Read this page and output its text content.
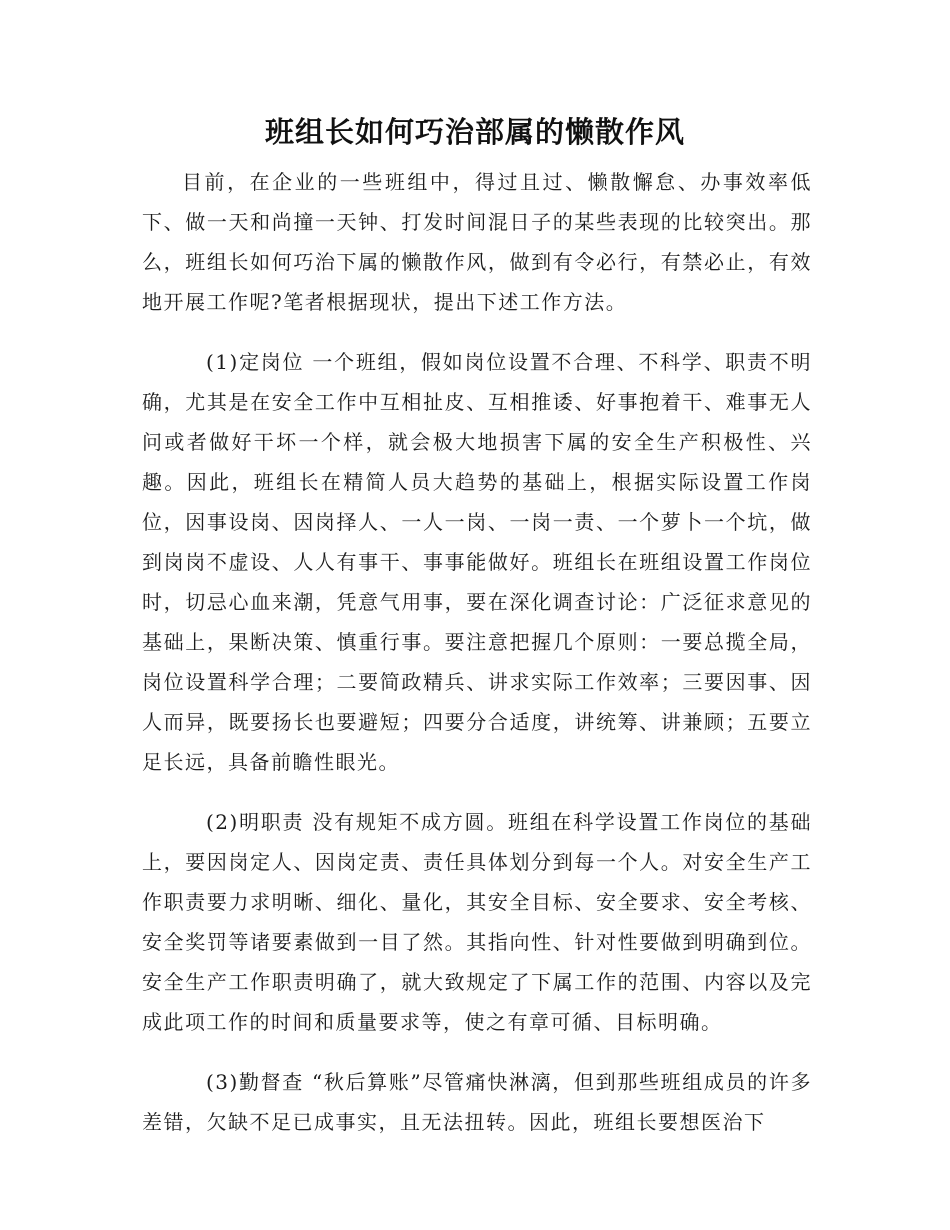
班组长如何巧治部属的懒散作风

目前，在企业的一些班组中，得过且过、懒散懈怠、办事效率低下、做一天和尚撞一天钟、打发时间混日子的某些表现的比较突出。那么，班组长如何巧治下属的懒散作风，做到有令必行，有禁必止，有效地开展工作呢?笔者根据现状，提出下述工作方法。

(1)定岗位 一个班组，假如岗位设置不合理、不科学、职责不明确，尤其是在安全工作中互相扯皮、互相推诿、好事抱着干、难事无人问或者做好干坏一个样，就会极大地损害下属的安全生产积极性、兴趣。因此，班组长在精简人员大趋势的基础上，根据实际设置工作岗位，因事设岗、因岗择人、一人一岗、一岗一责、一个萝卜一个坑，做到岗岗不虚设、人人有事干、事事能做好。班组长在班组设置工作岗位时，切忌心血来潮，凭意气用事，要在深化调查讨论：广泛征求意见的基础上，果断决策、慎重行事。要注意把握几个原则：一要总揽全局，岗位设置科学合理；二要简政精兵、讲求实际工作效率；三要因事、因人而异，既要扬长也要避短；四要分合适度，讲统筹、讲兼顾；五要立足长远，具备前瞻性眼光。

(2)明职责 没有规矩不成方圆。班组在科学设置工作岗位的基础上，要因岗定人、因岗定责、责任具体划分到每一个人。对安全生产工作职责要力求明晰、细化、量化，其安全目标、安全要求、安全考核、安全奖罚等诸要素做到一目了然。其指向性、针对性要做到明确到位。安全生产工作职责明确了，就大致规定了下属工作的范围、内容以及完成此项工作的时间和质量要求等，使之有章可循、目标明确。

(3)勤督查 “秋后算账”尽管痛快淋漓，但到那些班组成员的许多差错，欠缺不足已成事实，且无法扭转。因此，班组长要想医治下
